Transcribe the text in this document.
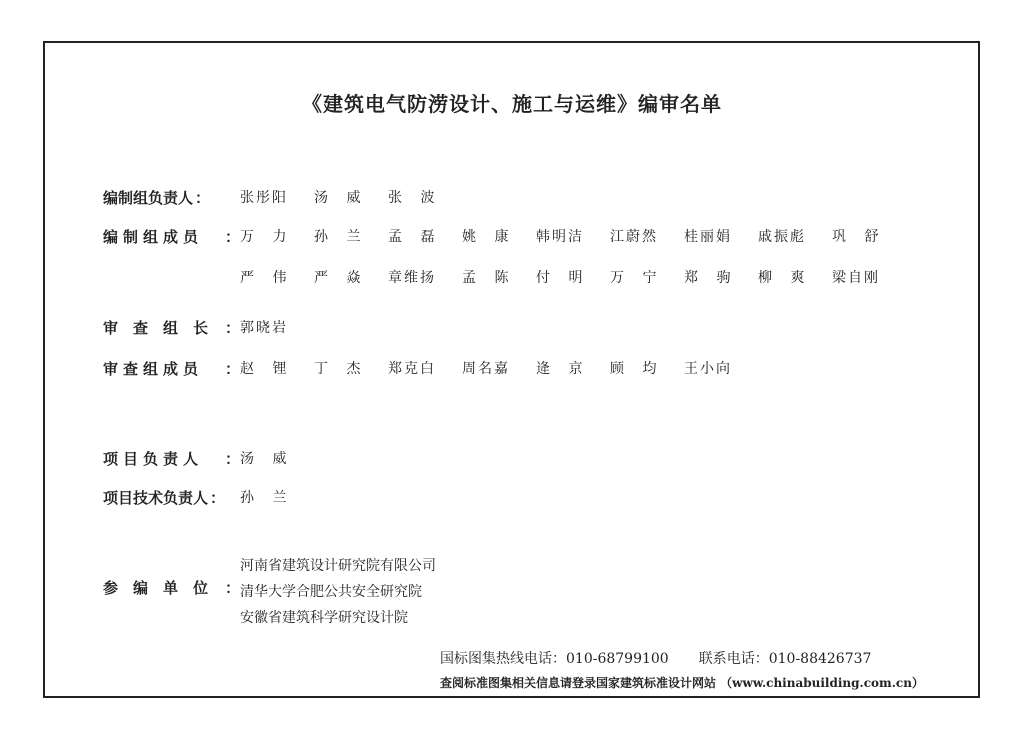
《建筑电气防涝设计、施工与运维》编审名单
编制组负责人 ： 张彤阳	汤 威	张 波
编制组成员 ： 万 力	孙 兰	孟 磊	姚 康	韩明洁	江蔚然	桂丽娟	戚振彪	巩 舒
严 伟	严 焱	章维扬	孟 陈	付 明	万 宁	郑 驹	柳 爽	梁自刚
审查组长 ： 郭晓岩
审查组成员 ： 赵 锂	丁 杰	郑克白	周名嘉	逄 京	顾 均	王小向
项目负责人 ： 汤 威
项目技术负责人 ： 孙 兰
参编单位 ：
河南省建筑设计研究院有限公司
清华大学合肥公共安全研究院
安徽省建筑科学研究设计院
国标图集热线电话：010-68799100 联系电话：010-88426737
查阅标准图集相关信息请登录国家建筑标准设计网站 （www.chinabuilding.com.cn）
